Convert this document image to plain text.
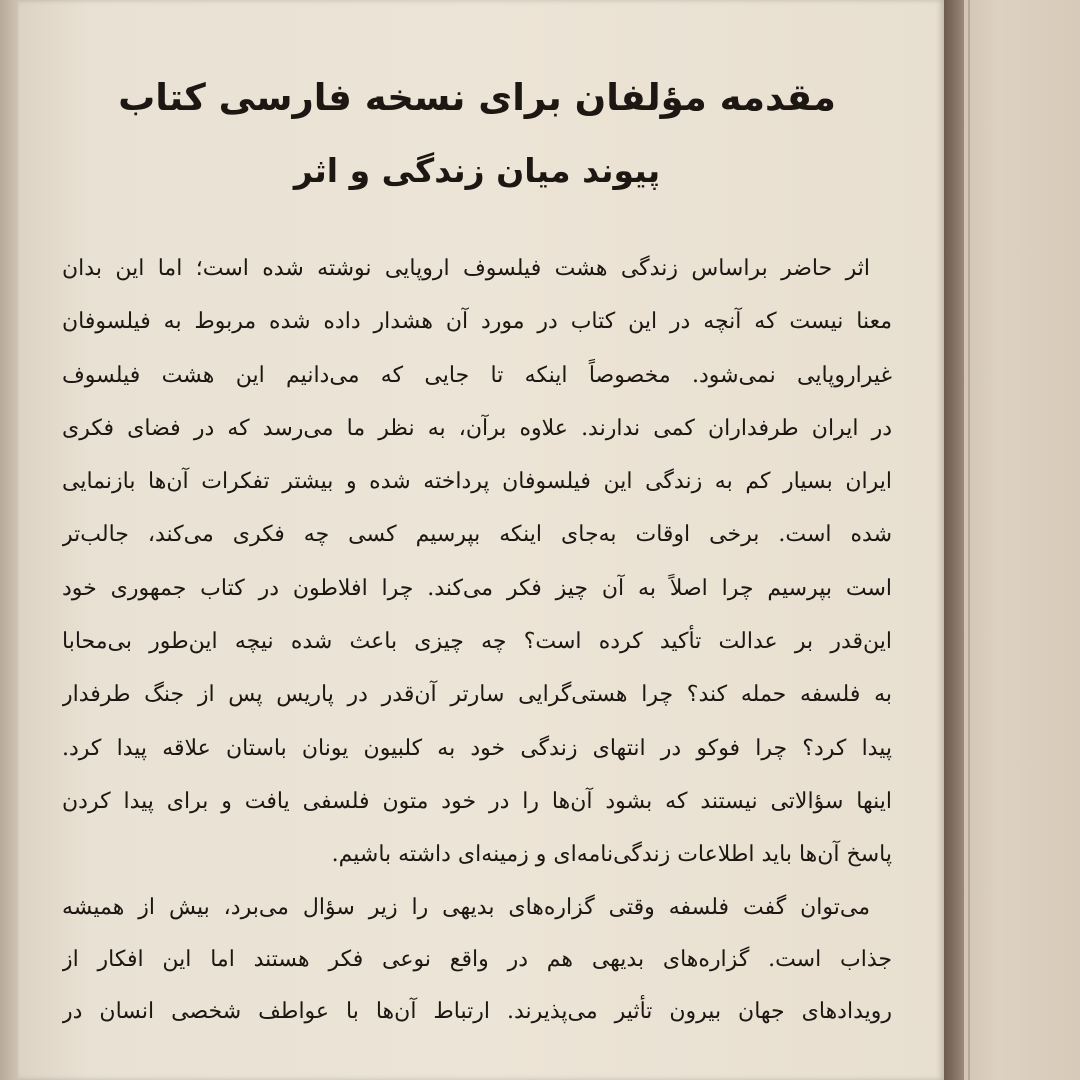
مقدمه مؤلفان برای نسخه فارسی کتاب
پیوند میان زندگی و اثر
اثر حاضر براساس زندگی هشت فیلسوف اروپایی نوشته شده است؛ اما این بدان
معنا نیست که آنچه در این کتاب در مورد آن هشدار داده شده مربوط به فیلسوفان
غیراروپایی نمی‌شود. مخصوصاً اینکه تا جایی که می‌دانیم این هشت فیلسوف
در ایران طرفداران کمی ندارند. علاوه برآن، به نظر ما می‌رسد که در فضای فکری
ایران بسیار کم به زندگی این فیلسوفان پرداخته شده و بیشتر تفکرات آن‌ها بازنمایی
شده است. برخی اوقات به‌جای اینکه بپرسیم کسی چه فکری می‌کند، جالب‌تر
است بپرسیم چرا اصلاً به آن چیز فکر می‌کند. چرا افلاطون در کتاب جمهوری خود
این‌قدر بر عدالت تأکید کرده است؟ چه چیزی باعث شده نیچه این‌طور بی‌محابا
به فلسفه حمله کند؟ چرا هستی‌گرایی سارتر آن‌قدر در پاریس پس از جنگ طرفدار
پیدا کرد؟ چرا فوکو در انتهای زندگی خود به کلبیون یونان باستان علاقه پیدا کرد.
اینها سؤالاتی نیستند که بشود آن‌ها را در خود متون فلسفی یافت و برای پیدا کردن
پاسخ آن‌ها باید اطلاعات زندگی‌نامه‌ای و زمینه‌ای داشته باشیم.
می‌توان گفت فلسفه وقتی گزاره‌های بدیهی را زیر سؤال می‌برد، بیش از همیشه
جذاب است. گزاره‌های بدیهی هم در واقع نوعی فکر هستند اما این افکار از
رویدادهای جهان بیرون تأثیر می‌پذیرند. ارتباط آن‌ها با عواطف شخصی انسان در
